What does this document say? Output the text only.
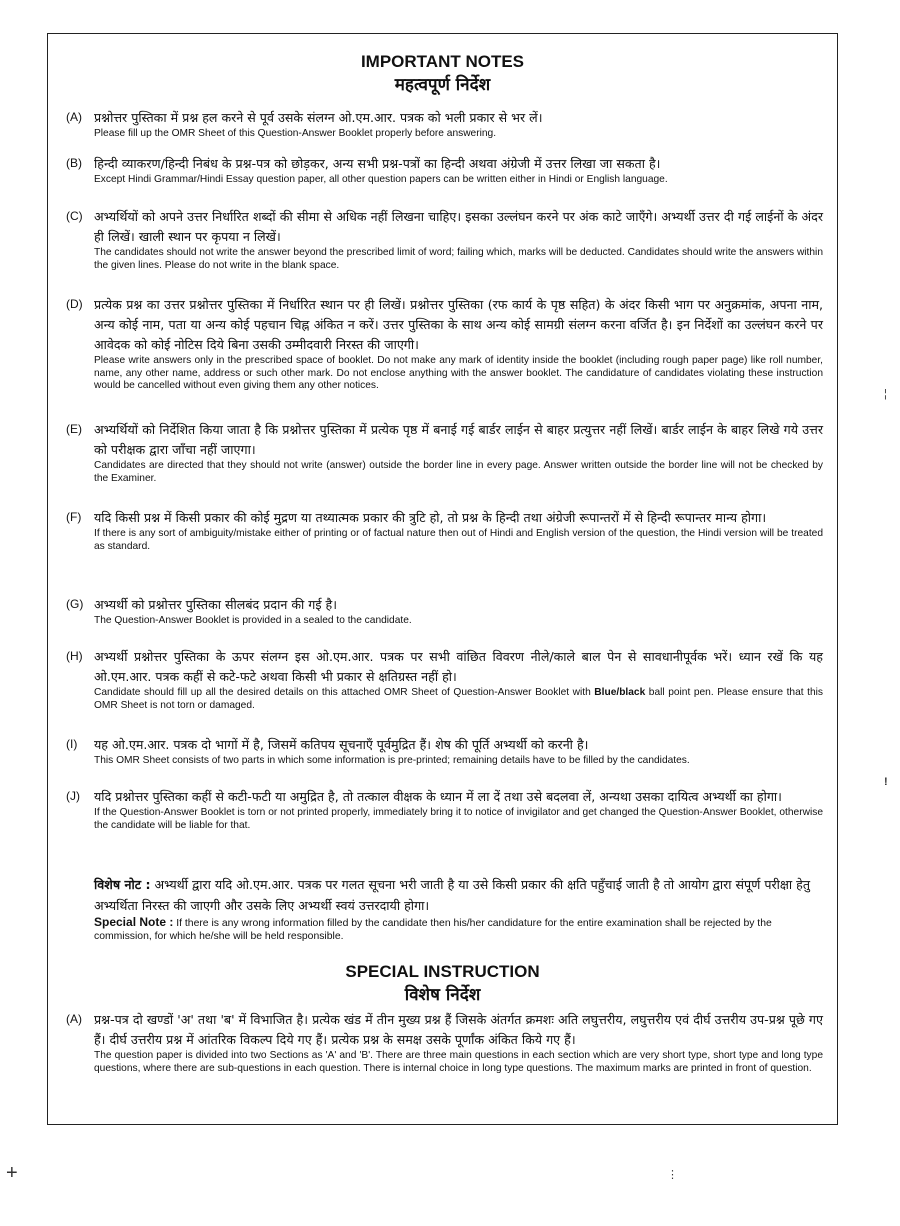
IMPORTANT NOTES
महत्वपूर्ण निर्देश
(A) प्रश्नोत्तर पुस्तिका में प्रश्न हल करने से पूर्व उसके संलग्न ओ.एम.आर. पत्रक को भली प्रकार से भर लें।
Please fill up the OMR Sheet of this Question-Answer Booklet properly before answering.
(B) हिन्दी व्याकरण/हिन्दी निबंध के प्रश्न-पत्र को छोड़कर, अन्य सभी प्रश्न-पत्रों का हिन्दी अथवा अंग्रेजी में उत्तर लिखा जा सकता है।
Except Hindi Grammar/Hindi Essay question paper, all other question papers can be written either in Hindi or English language.
(C) अभ्यर्थियों को अपने उत्तर निर्धारित शब्दों की सीमा से अधिक नहीं लिखना चाहिए। इसका उल्लंघन करने पर अंक काटे जाएँगे। अभ्यर्थी उत्तर दी गई लाईनों के अंदर ही लिखें। खाली स्थान पर कृपया न लिखें।
The candidates should not write the answer beyond the prescribed limit of word; failing which, marks will be deducted. Candidates should write the answers within the given lines. Please do not write in the blank space.
(D) प्रत्येक प्रश्न का उत्तर प्रश्नोत्तर पुस्तिका में निर्धारित स्थान पर ही लिखें। प्रश्नोत्तर पुस्तिका (रफ कार्य के पृष्ठ सहित) के अंदर किसी भाग पर अनुक्रमांक, अपना नाम, अन्य कोई नाम, पता या अन्य कोई पहचान चिह्न अंकित न करें। उत्तर पुस्तिका के साथ अन्य कोई सामग्री संलग्न करना वर्जित है। इन निर्देशों का उल्लंघन करने पर आवेदक को कोई नोटिस दिये बिना उसकी उम्मीदवारी निरस्त की जाएगी।
Please write answers only in the prescribed space of booklet. Do not make any mark of identity inside the booklet (including rough paper page) like roll number, name, any other name, address or such other mark. Do not enclose anything with the answer booklet. The candidature of candidates violating these instruction would be cancelled without even giving them any other notices.
(E) अभ्यर्थियों को निर्देशित किया जाता है कि प्रश्नोत्तर पुस्तिका में प्रत्येक पृष्ठ में बनाई गई बार्डर लाईन से बाहर प्रत्युत्तर नहीं लिखें। बार्डर लाईन के बाहर लिखे गये उत्तर को परीक्षक द्वारा जाँचा नहीं जाएगा।
Candidates are directed that they should not write (answer) outside the border line in every page. Answer written outside the border line will not be checked by the Examiner.
(F)	यदि किसी प्रश्न में किसी प्रकार की कोई मुद्रण या तथ्यात्मक प्रकार की त्रुटि हो, तो प्रश्न के हिन्दी तथा अंग्रेजी रूपान्तरों में से हिन्दी रूपान्तर मान्य होगा।
If there is any sort of ambiguity/mistake either of printing or of factual nature then out of Hindi and English version of the question, the Hindi version will be treated as standard.
(G) अभ्यर्थी को प्रश्नोत्तर पुस्तिका सीलबंद प्रदान की गई है।
The Question-Answer Booklet is provided in a sealed to the candidate.
(H) अभ्यर्थी प्रश्नोत्तर पुस्तिका के ऊपर संलग्न इस ओ.एम.आर. पत्रक पर सभी वांछित विवरण नीले/काले बाल पेन से सावधानीपूर्वक भरें। ध्यान रखें कि यह ओ.एम.आर. पत्रक कहीं से कटे-फटे अथवा किसी भी प्रकार से क्षतिग्रस्त नहीं हो।
Candidate should fill up all the desired details on this attached OMR Sheet of Question-Answer Booklet with Blue/black ball point pen. Please ensure that this OMR Sheet is not torn or damaged.
(I)	यह ओ.एम.आर. पत्रक दो भागों में है, जिसमें कतिपय सूचनाएँ पूर्वमुद्रित हैं। शेष की पूर्ति अभ्यर्थी को करनी है।
This OMR Sheet consists of two parts in which some information is pre-printed; remaining details have to be filled by the candidates.
(J)	यदि प्रश्नोत्तर पुस्तिका कहीं से कटी-फटी या अमुद्रित है, तो तत्काल वीक्षक के ध्यान में ला दें तथा उसे बदलवा लें, अन्यथा उसका दायित्व अभ्यर्थी का होगा।
If the Question-Answer Booklet is torn or not printed properly, immediately bring it to notice of invigilator and get changed the Question-Answer Booklet, otherwise the candidate will be liable for that.
विशेष नोट : अभ्यर्थी द्वारा यदि ओ.एम.आर. पत्रक पर गलत सूचना भरी जाती है या उसे किसी प्रकार की क्षति पहुँचाई जाती है तो आयोग द्वारा संपूर्ण परीक्षा हेतु अभ्यर्थिता निरस्त की जाएगी और उसके लिए अभ्यर्थी स्वयं उत्तरदायी होगा।
Special Note : If there is any wrong information filled by the candidate then his/her candidature for the entire examination shall be rejected by the commission, for which he/she will be held responsible.
SPECIAL INSTRUCTION
विशेष निर्देश
(A) प्रश्न-पत्र दो खण्डों 'अ' तथा 'ब' में विभाजित है। प्रत्येक खंड में तीन मुख्य प्रश्न हैं जिसके अंतर्गत क्रमशः अति लघुत्तरीय, लघुत्तरीय एवं दीर्घ उत्तरीय उप-प्रश्न पूछे गए हैं। दीर्घ उत्तरीय प्रश्न में आंतरिक विकल्प दिये गए हैं। प्रत्येक प्रश्न के समक्ष उसके पूर्णांक अंकित किये गए हैं।
The question paper is divided into two Sections as 'A' and 'B'. There are three main questions in each section which are very short type, short type and long type questions, where there are sub-questions in each question. There is internal choice in long type questions. The maximum marks are printed in front of question.
+
¦
!
⋮
